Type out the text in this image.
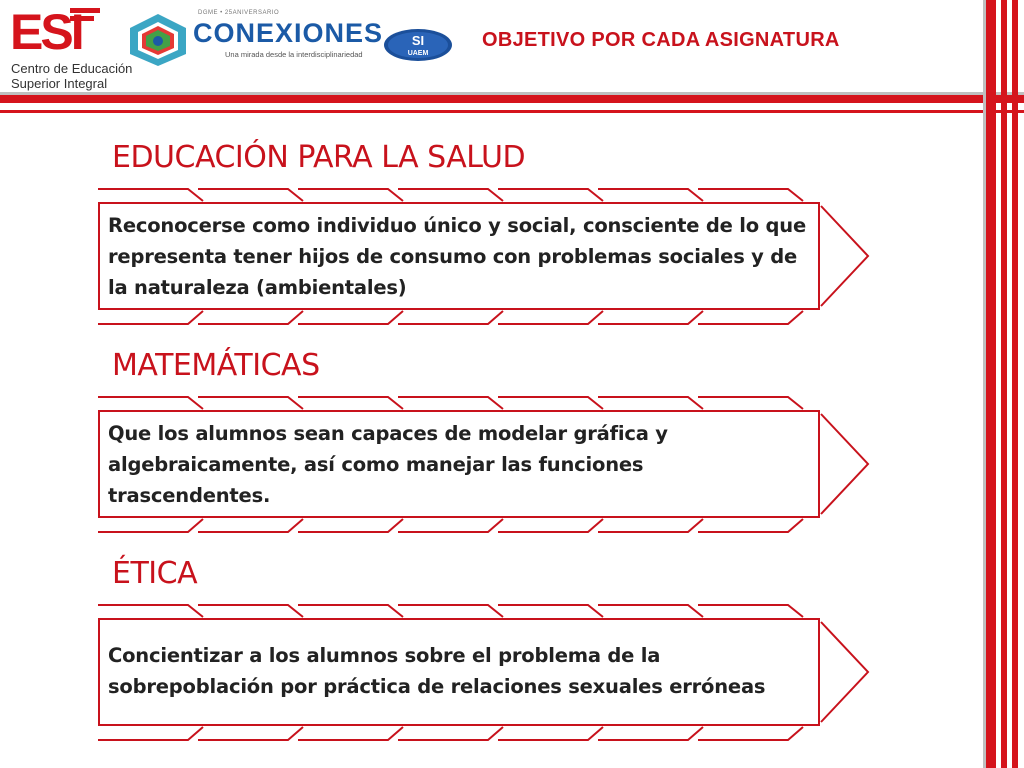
ESI
Centro de Educación
Superior Integral
DGME • 25ANIVERSARIO
CONEXIONES
Una mirada desde la interdisciplinariedad
SI
UAEM
OBJETIVO POR CADA ASIGNATURA
EDUCACIÓN PARA LA SALUD
Reconocerse como individuo único y social, consciente de lo que representa tener hijos de consumo con problemas sociales y de la naturaleza (ambientales)
MATEMÁTICAS
Que los alumnos sean capaces de modelar gráfica y algebraicamente, así como manejar las funciones trascendentes.
ÉTICA
Concientizar a los alumnos sobre el problema de la sobrepoblación por práctica de relaciones sexuales erróneas
